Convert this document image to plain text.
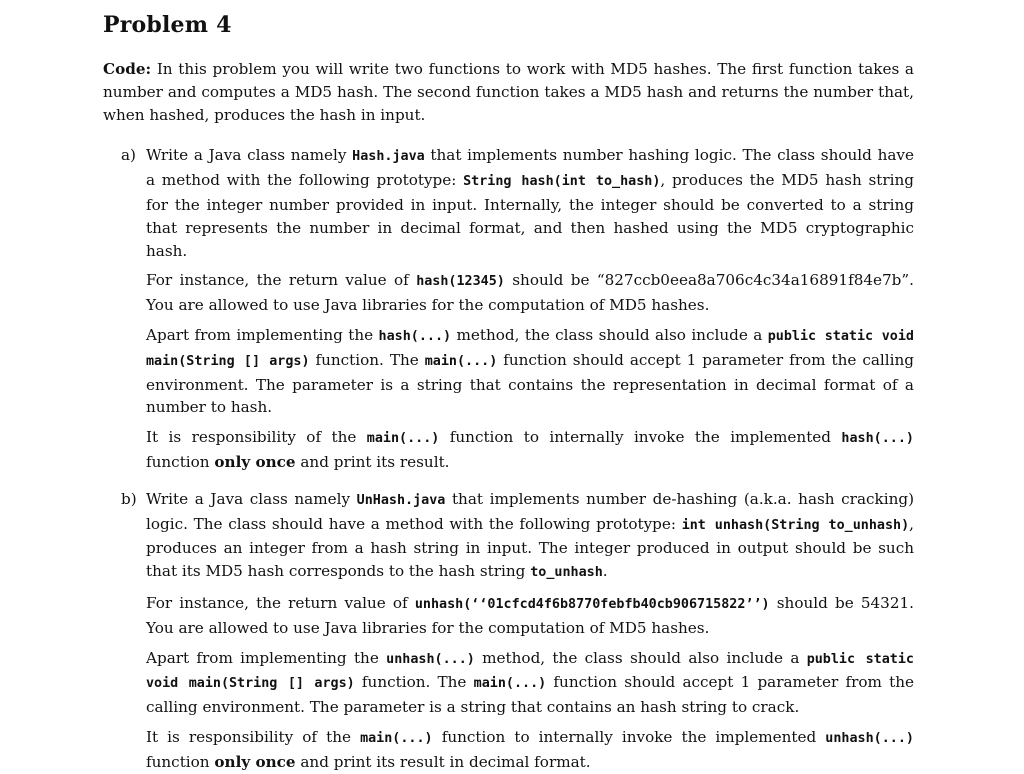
Problem 4

Code: In this problem you will write two functions to work with MD5 hashes. The first function takes a number and computes a MD5 hash. The second function takes a MD5 hash and returns the number that, when hashed, produces the hash in input.

a) Write a Java class namely Hash.java that implements number hashing logic. The class should have a method with the following prototype: String hash(int to_hash), produces the MD5 hash string for the integer number provided in input. Internally, the integer should be converted to a string that represents the number in decimal format, and then hashed using the MD5 cryptographic hash.

For instance, the return value of hash(12345) should be “827ccb0eea8a706c4c34a16891f84e7b”. You are allowed to use Java libraries for the computation of MD5 hashes.

Apart from implementing the hash(...) method, the class should also include a public static void main(String [] args) function. The main(...) function should accept 1 parameter from the calling environment. The parameter is a string that contains the representation in decimal format of a number to hash.

It is responsibility of the main(...) function to internally invoke the implemented hash(...) function only once and print its result.

b) Write a Java class namely UnHash.java that implements number de-hashing (a.k.a. hash cracking) logic. The class should have a method with the following prototype: int unhash(String to_unhash), produces an integer from a hash string in input. The integer produced in output should be such that its MD5 hash corresponds to the hash string to_unhash.

For instance, the return value of unhash(‘‘01cfcd4f6b8770febfb40cb906715822’’) should be 54321. You are allowed to use Java libraries for the computation of MD5 hashes.

Apart from implementing the unhash(...) method, the class should also include a public static void main(String [] args) function. The main(...) function should accept 1 parameter from the calling environment. The parameter is a string that contains an hash string to crack.

It is responsibility of the main(...) function to internally invoke the implemented unhash(...) function only once and print its result in decimal format.
